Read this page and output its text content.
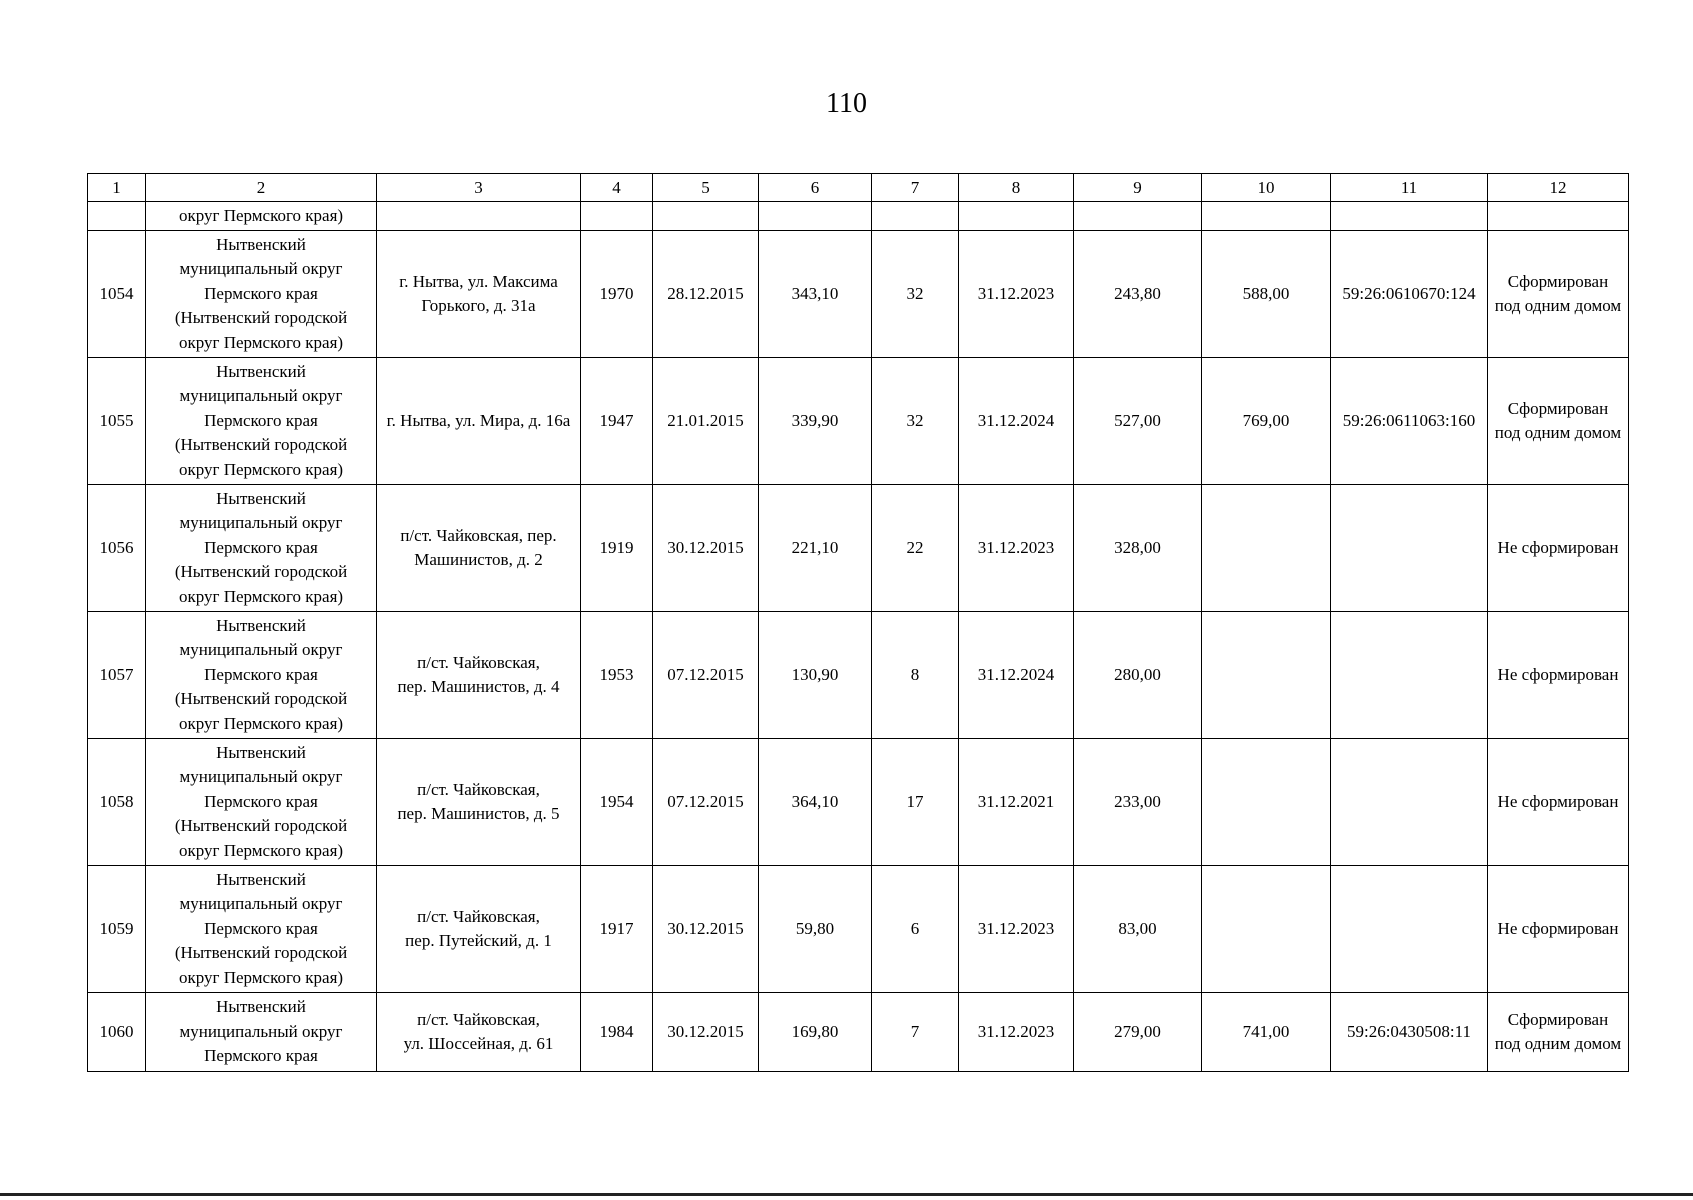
110
1	2	3	4	5	6	7	8	9	10	11	12
	округ Пермского края)										
1054	Нытвенский
муниципальный округ
Пермского края
(Нытвенский городской
округ Пермского края)	г. Нытва, ул. Максима
Горького, д. 31а	1970	28.12.2015	343,10	32	31.12.2023	243,80	588,00	59:26:0610670:124	Сформирован
под одним домом
1055	Нытвенский
муниципальный округ
Пермского края
(Нытвенский городской
округ Пермского края)	г. Нытва, ул. Мира, д. 16а	1947	21.01.2015	339,90	32	31.12.2024	527,00	769,00	59:26:0611063:160	Сформирован
под одним домом
1056	Нытвенский
муниципальный округ
Пермского края
(Нытвенский городской
округ Пермского края)	п/ст. Чайковская, пер.
Машинистов, д. 2	1919	30.12.2015	221,10	22	31.12.2023	328,00			Не сформирован
1057	Нытвенский
муниципальный округ
Пермского края
(Нытвенский городской
округ Пермского края)	п/ст. Чайковская,
пер. Машинистов, д. 4	1953	07.12.2015	130,90	8	31.12.2024	280,00			Не сформирован
1058	Нытвенский
муниципальный округ
Пермского края
(Нытвенский городской
округ Пермского края)	п/ст. Чайковская,
пер. Машинистов, д. 5	1954	07.12.2015	364,10	17	31.12.2021	233,00			Не сформирован
1059	Нытвенский
муниципальный округ
Пермского края
(Нытвенский городской
округ Пермского края)	п/ст. Чайковская,
пер. Путейский, д. 1	1917	30.12.2015	59,80	6	31.12.2023	83,00			Не сформирован
1060	Нытвенский
муниципальный округ
Пермского края	п/ст. Чайковская,
ул. Шоссейная, д. 61	1984	30.12.2015	169,80	7	31.12.2023	279,00	741,00	59:26:0430508:11	Сформирован
под одним домом
